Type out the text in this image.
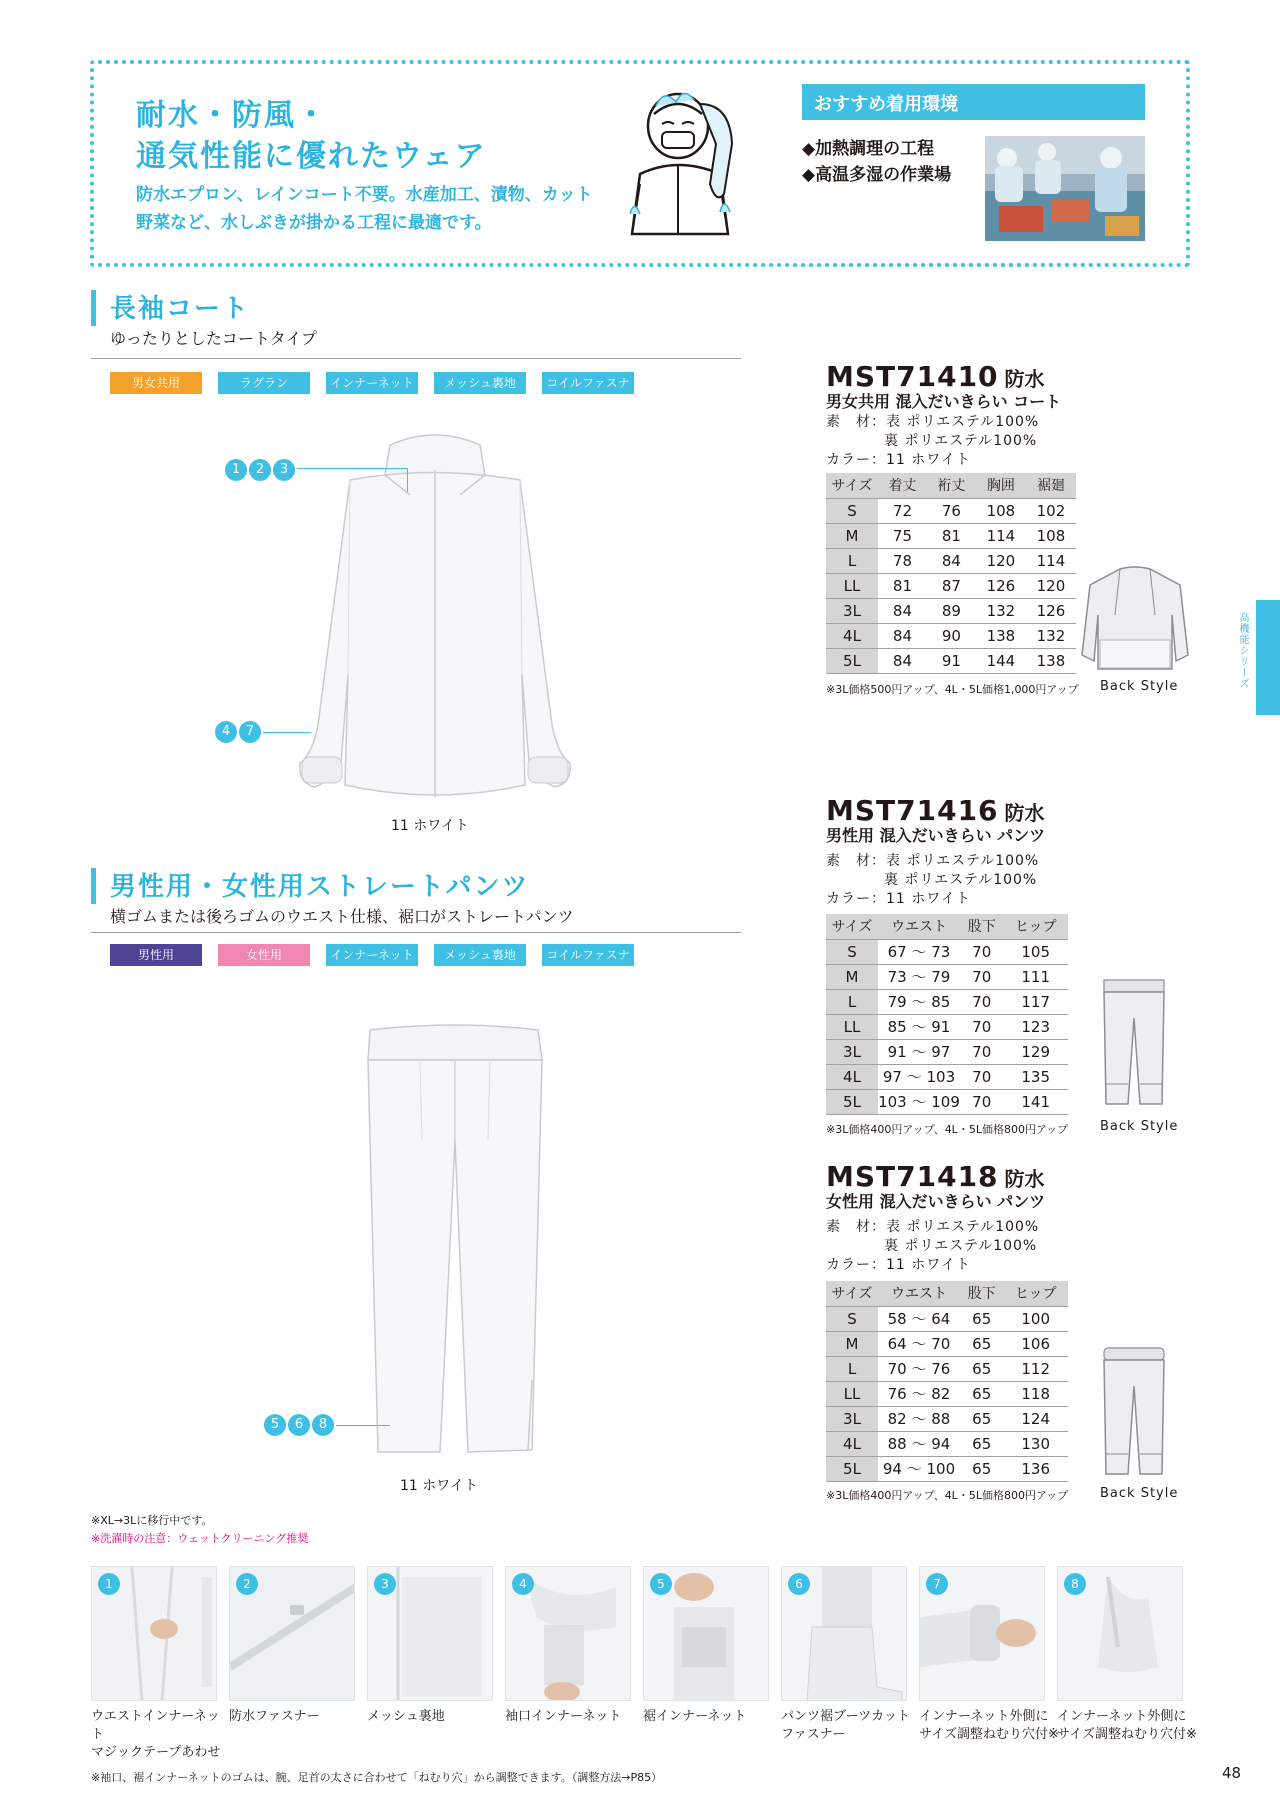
耐水・防風・
通気性能に優れたウェア
防水エプロン、レインコート不要。水産加工、漬物、カット
野菜など、水しぶきが掛かる工程に最適です。
おすすめ着用環境
◆加熱調理の工程
◆高温多湿の作業場
長袖コート
ゆったりとしたコートタイプ
男女共用	ラグラン	インナーネット	メッシュ裏地	コイルファスナー
1	2	3
4	7
11 ホワイト
男性用・女性用ストレートパンツ
横ゴムまたは後ろゴムのウエスト仕様、裾口がストレートパンツ
男性用	女性用	インナーネット	メッシュ裏地	コイルファスナー
5	6	8
11 ホワイト
MST71410 防水
男女共用 混入だいきらい コート
素　材：表 ポリエステル100%
裏 ポリエステル100%
カラー：11 ホワイト
サイズ	着丈	裄丈	胸囲	裾廻
S	72	76	108	102
M	75	81	114	108
L	78	84	120	114
LL	81	87	126	120
3L	84	89	132	126
4L	84	90	138	132
5L	84	91	144	138
※3L価格500円アップ、4L・5L価格1,000円アップ Back Style
MST71416 防水
男性用 混入だいきらい パンツ
素　材：表 ポリエステル100%
裏 ポリエステル100%
カラー：11 ホワイト
サイズ	ウエスト	股下	ヒップ
S	67 ～ 73	70	105
M	73 ～ 79	70	111
L	79 ～ 85	70	117
LL	85 ～ 91	70	123
3L	91 ～ 97	70	129
4L	97 ～ 103	70	135
5L	103 ～ 109	70	141
※3L価格400円アップ、4L・5L価格800円アップ Back Style
MST71418 防水
女性用 混入だいきらい パンツ
素　材：表 ポリエステル100%
裏 ポリエステル100%
カラー：11 ホワイト
サイズ	ウエスト	股下	ヒップ
S	58 ～ 64	65	100
M	64 ～ 70	65	106
L	70 ～ 76	65	112
LL	76 ～ 82	65	118
3L	82 ～ 88	65	124
4L	88 ～ 94	65	130
5L	94 ～ 100	65	136
※3L価格400円アップ、4L・5L価格800円アップ Back Style
高機能シリーズ
※XL→3Lに移行中です。
※洗濯時の注意：ウェットクリーニング推奨
1	2	3	4	5	6	7	8
ウエストインナーネット
マジックテープあわせ
防水ファスナー	メッシュ裏地	袖口インナーネット	裾インナーネット	パンツ裾ブーツカット
ファスナー
インナーネット外側に
サイズ調整ねむり穴付※
インナーネット外側に
サイズ調整ねむり穴付※
※袖口、裾インナーネットのゴムは、腕、足首の太さに合わせて「ねむり穴」から調整できます。（調整方法→P85）	48
